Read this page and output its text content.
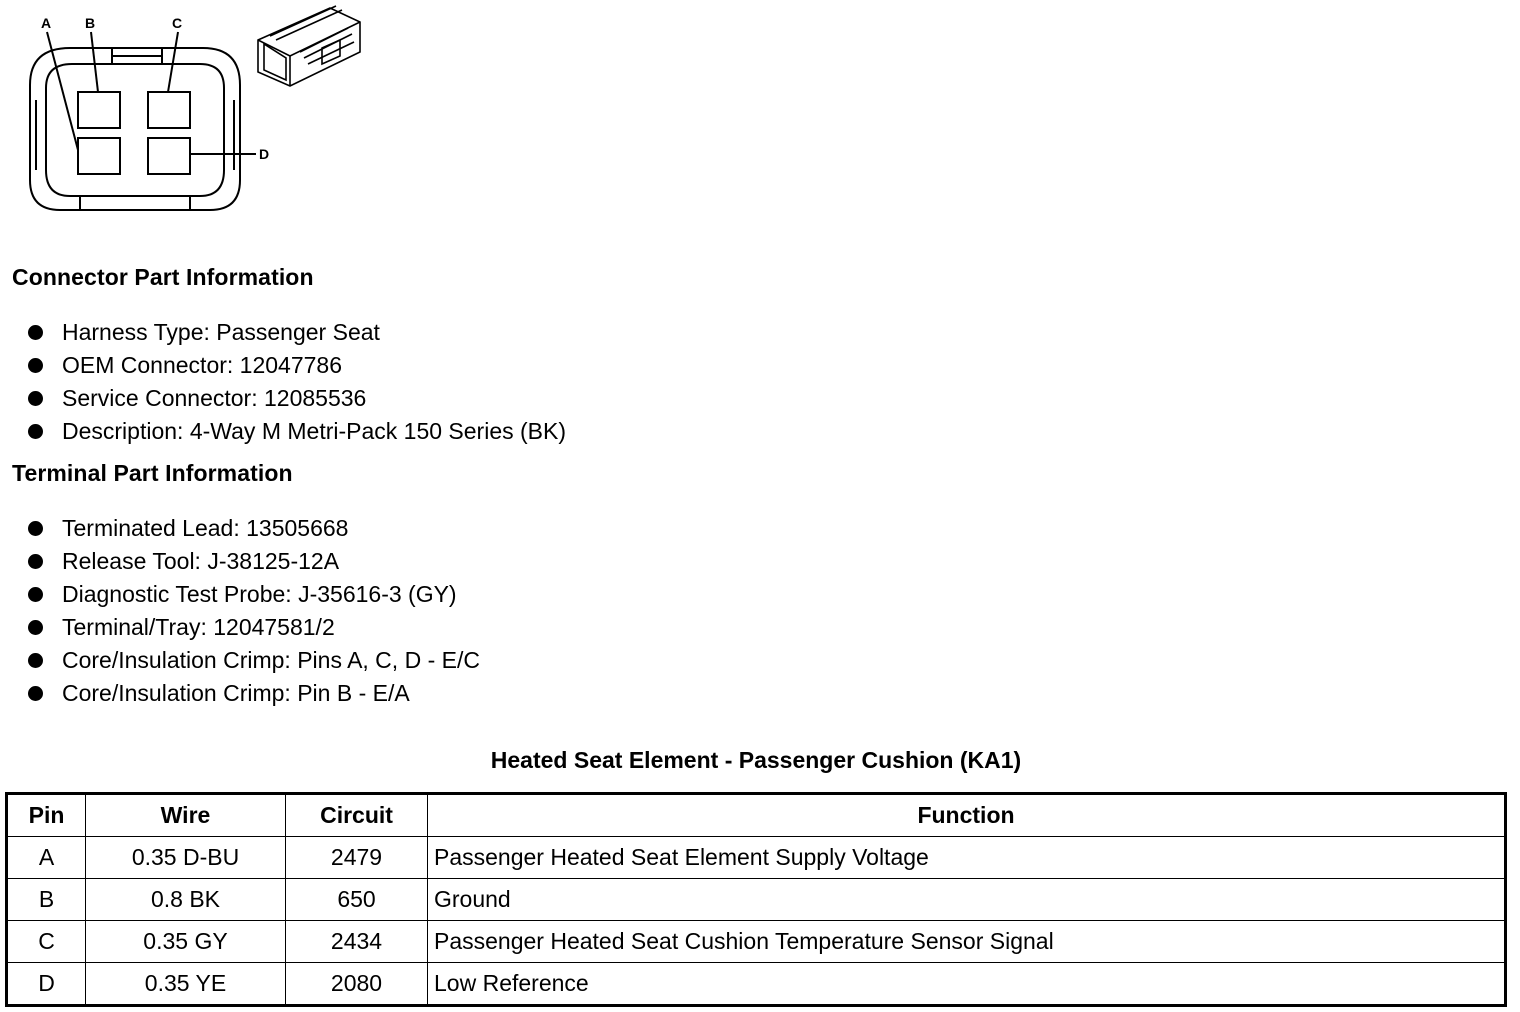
A B	C
D
Connector Part Information
Harness Type: Passenger Seat
OEM Connector: 12047786
Service Connector: 12085536
Description: 4-Way M Metri-Pack 150 Series (BK)
Terminal Part Information
Terminated Lead: 13505668
Release Tool: J-38125-12A
Diagnostic Test Probe: J-35616-3 (GY)
Terminal/Tray: 12047581/2
Core/Insulation Crimp: Pins A, C, D - E/C
Core/Insulation Crimp: Pin B - E/A
Heated Seat Element - Passenger Cushion (KA1)
Pin	Wire	Circuit	Function
A	0.35 D-BU	2479	Passenger Heated Seat Element Supply Voltage
B	0.8 BK	650	Ground
C	0.35 GY	2434	Passenger Heated Seat Cushion Temperature Sensor Signal
D	0.35 YE	2080	Low Reference
